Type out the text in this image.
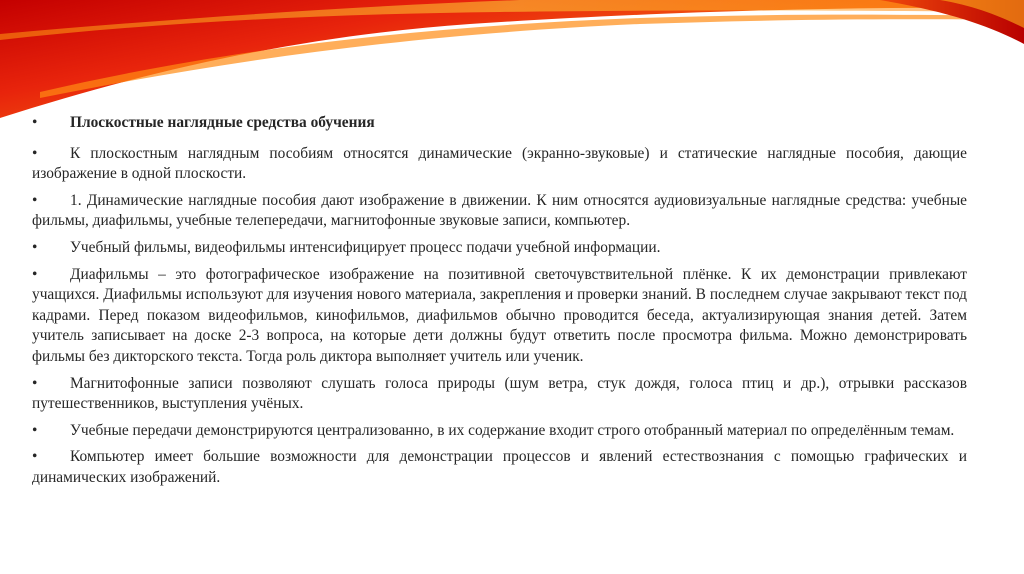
• Плоскостные наглядные средства обучения

• К плоскостным наглядным пособиям относятся динамические (экранно-звуковые) и статические наглядные пособия, дающие изображение в одной плоскости.

• 1. Динамические наглядные пособия дают изображение в движении. К ним относятся аудиовизуальные наглядные средства: учебные фильмы, диафильмы, учебные телепередачи, магнитофонные звуковые записи, компьютер.

• Учебный фильмы, видеофильмы интенсифицирует процесс подачи учебной информации.

• Диафильмы – это фотографическое изображение на позитивной светочувствительной плёнке. К их демонстрации привлекают учащихся. Диафильмы используют для изучения нового материала, закрепления и проверки знаний. В последнем случае закрывают текст под кадрами. Перед показом видеофильмов, кинофильмов, диафильмов обычно проводится беседа, актуализирующая знания детей. Затем учитель записывает на доске 2-3 вопроса, на которые дети должны будут ответить после просмотра фильма. Можно демонстрировать фильмы без дикторского текста. Тогда роль диктора выполняет учитель или ученик.

• Магнитофонные записи позволяют слушать голоса природы (шум ветра, стук дождя, голоса птиц и др.), отрывки рассказов путешественников, выступления учёных.

• Учебные передачи демонстрируются централизованно, в их содержание входит строго отобранный материал по определённым темам.

• Компьютер имеет большие возможности для демонстрации процессов и явлений естествознания с помощью графических и динамических изображений.
